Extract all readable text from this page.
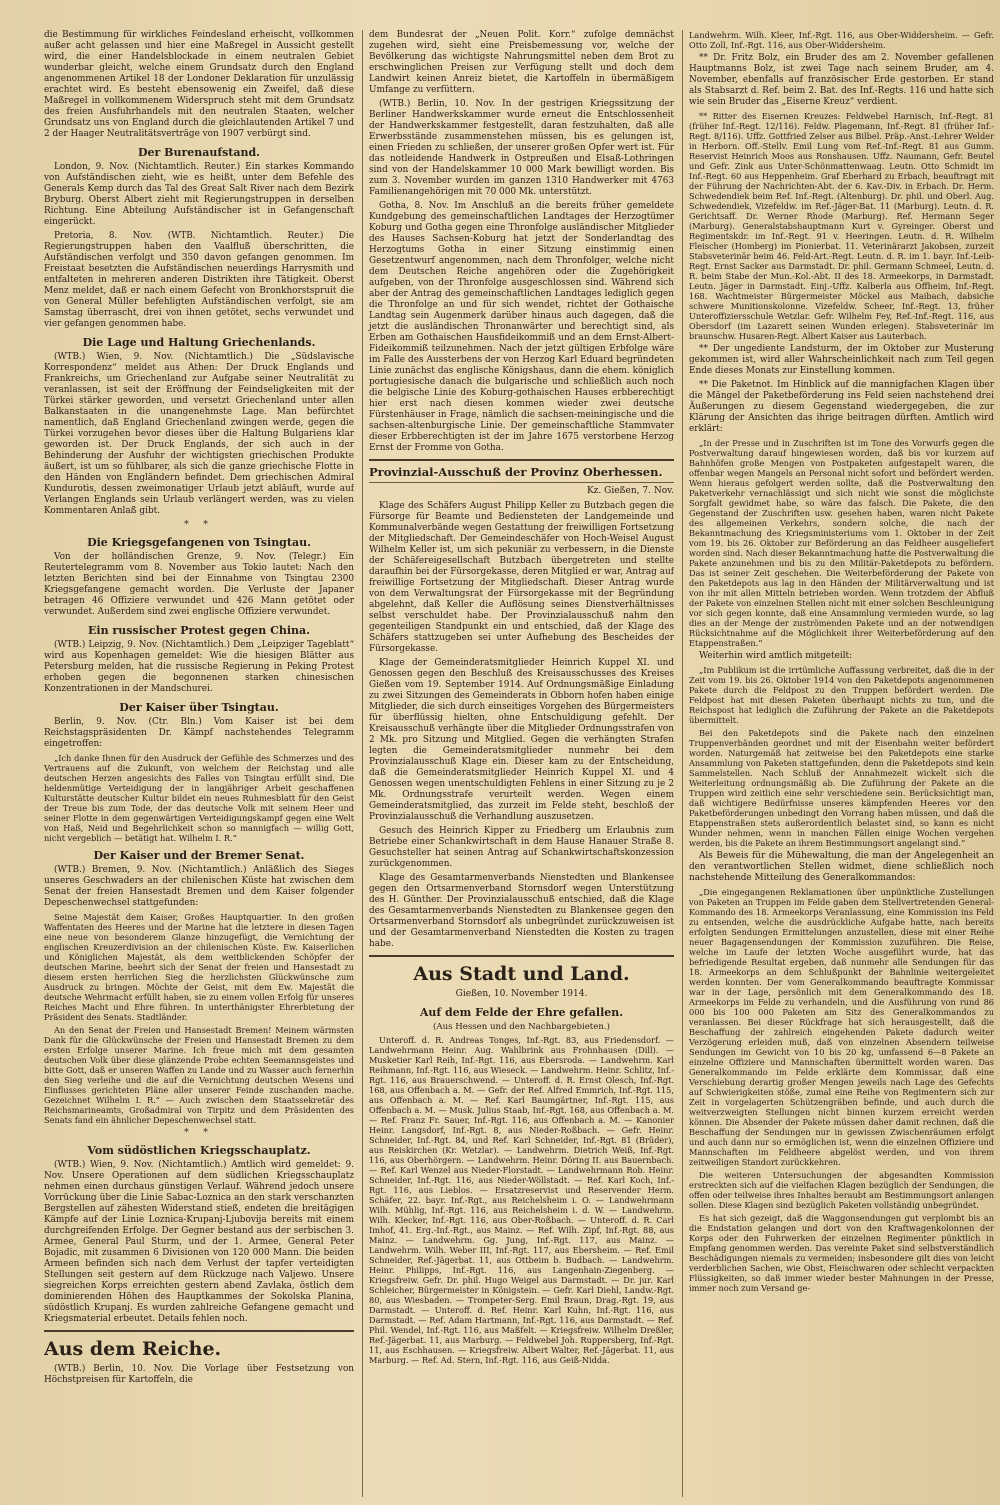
die Bestimmung für wirkliches Feindesland erheischt, vollkommen außer acht gelassen und hier eine Maßregel in Aussicht gestellt wird, die einer Handelsblockade in einem neutralen Gebiet wunderbar gleicht, welche einem Grundsatz durch den England angenommenen Artikel 18 der Londoner Deklaration für unzulässig erachtet wird. Es besteht ebensowenig ein Zweifel, daß diese Maßregel in vollkommenem Widerspruch steht mit dem Grundsatz des freien Ausfuhrhandels mit den neutralen Staaten, welcher Grundsatz uns von England durch die gleichlautenden Artikel 7 und 2 der Haager Neutralitätsverträge von 1907 verbürgt sind.

Der Burenaufstand.

London, 9. Nov. (Nichtamtlich. Reuter.) Ein starkes Kommando von Aufständischen zieht, wie es heißt, unter dem Befehle des Generals Kemp durch das Tal des Great Salt River nach dem Bezirk Bryburg. Oberst Albert zieht mit Regierungstruppen in derselben Richtung. Eine Abteilung Aufständischer ist in Gefangenschaft eingerückt.

Pretoria, 8. Nov. (WTB. Nichtamtlich. Reuter.) Die Regierungstruppen haben den Vaalfluß überschritten, die Aufständischen verfolgt und 350 davon gefangen genommen. Im Freistaat besetzten die Aufständischen neuerdings Harrysmith und entfalteten in mehreren anderen Distrikten ihre Tätigkeit. Oberst Menz meldet, daß er nach einem Gefecht von Bronkhorstspruit die von General Müller befehligten Aufständischen verfolgt, sie am Samstag überrascht, drei von ihnen getötet, sechs verwundet und vier gefangen genommen habe.

Die Lage und Haltung Griechenlands.

(WTB.) Wien, 9. Nov. (Nichtamtlich.) Die „Südslavische Korrespondenz“ meldet aus Athen: Der Druck Englands und Frankreichs, um Griechenland zur Aufgabe seiner Neutralität zu veranlassen, ist seit der Eröffnung der Feindseligkeiten mit der Türkei stärker geworden, und versetzt Griechenland unter allen Balkanstaaten in die unangenehmste Lage. Man befürchtet namentlich, daß England Griechenland zwingen werde, gegen die Türkei vorzugehen bevor dieses über die Haltung Bulgariens klar geworden ist. Der Druck Englands, der sich auch in der Behinderung der Ausfuhr der wichtigsten griechischen Produkte äußert, ist um so fühlbarer, als sich die ganze griechische Flotte in den Händen von Engländern befindet. Dem griechischen Admiral Kundurotis, dessen zweimonatiger Urlaub jetzt abläuft, wurde auf Verlangen Englands sein Urlaub verlängert werden, was zu vielen Kommentaren Anlaß gibt.

* *
Die Kriegsgefangenen von Tsingtau.

Von der holländischen Grenze, 9. Nov. (Telegr.) Ein Reutertelegramm vom 8. November aus Tokio lautet: Nach den letzten Berichten sind bei der Einnahme von Tsingtau 2300 Kriegsgefangene gemacht worden. Die Verluste der Japaner betragen 46 Offiziere verwundet und 426 Mann getötet oder verwundet. Außerdem sind zwei englische Offiziere verwundet.

Ein russischer Protest gegen China.

(WTB.) Leipzig, 9. Nov. (Nichtamtlich.) Dem „Leipziger Tageblatt“ wird aus Kopenhagen gemeldet: Wie die hiesigen Blätter aus Petersburg melden, hat die russische Regierung in Peking Protest erhoben gegen die begonnenen starken chinesischen Konzentrationen in der Mandschurei.

Der Kaiser über Tsingtau.

Berlin, 9. Nov. (Ctr. Bln.) Vom Kaiser ist bei dem Reichstagspräsidenten Dr. Kämpf nachstehendes Telegramm eingetroffen:

„Ich danke Ihnen für den Ausdruck der Gefühle des Schmerzes und des Vertrauens auf die Zukunft, von welchem der Reichstag und alle deutschen Herzen angesichts des Falles von Tsingtau erfüllt sind. Die heldenmütige Verteidigung der in langjähriger Arbeit geschaffenen Kulturstätte deutscher Kultur bildet ein neues Ruhmesblatt für den Geist der Treue bis zum Tode, der das deutsche Volk mit seinem Heer und seiner Flotte in dem gegenwärtigen Verteidigungskampf gegen eine Welt von Haß, Neid und Begehrlichkeit schon so mannigfach — willig Gott, nicht vergeblich — betätigt hat. Wilhelm I. R.“

Der Kaiser und der Bremer Senat.

(WTB.) Bremen, 9. Nov. (Nichtamtlich.) Anläßlich des Sieges unseres Geschwaders an der chilenischen Küste hat zwischen dem Senat der freien Hansestadt Bremen und dem Kaiser folgender Depeschenwechsel stattgefunden:

Seine Majestät dem Kaiser, Großes Hauptquartier. In den großen Waffentaten des Heeres und der Marine hat die letztere in diesen Tagen eine neue von besonderem Glanze hinzugefügt, die Vernichtung der englischen Kreuzerdivision an der chilenischen Küste. Ew. Kaiserlichen und Königlichen Majestät, als dem weitblickenden Schöpfer der deutschen Marine, beehrt sich der Senat der freien und Hansestadt zu diesem ersten herrlichen Sieg die herzlichsten Glückwünsche zum Ausdruck zu bringen. Möchte der Geist, mit dem Ew. Majestät die deutsche Wehrmacht erfüllt haben, sie zu einem vollen Erfolg für unseres Reiches Macht und Ehre führen. In unterthänigster Ehrerbietung der Präsident des Senats. Stadtländer.

An den Senat der Freien und Hansestadt Bremen! Meinem wärmsten Dank für die Glückwünsche der Freien und Hansestadt Bremen zu dem ersten Erfolge unserer Marine. Ich freue mich mit dem gesamten deutschen Volk über diese glänzende Probe echten Seemannsgeistes und bitte Gott, daß er unseren Waffen zu Lande und zu Wasser auch fernerhin den Sieg verleihe und die auf die Vernichtung deutschen Wesens und Einflusses gerichteten Pläne aller unserer Feinde zuschanden mache. Gezeichnet Wilhelm I. R.“ — Auch zwischen dem Staatssekretär des Reichsmarineamts, Großadmiral von Tirpitz und dem Präsidenten des Senats fand ein ähnlicher Depeschenwechsel statt.

* *
Vom südöstlichen Kriegsschauplatz.

(WTB.) Wien, 9. Nov. (Nichtamtlich.) Amtlich wird gemeldet: 9. Nov. Unsere Operationen auf dem südlichen Kriegsschauplatz nehmen einen durchaus günstigen Verlauf. Während jedoch unsere Vorrückung über die Linie Sabac-Loznica an den stark verschanzten Bergstellen auf zähesten Widerstand stieß, endeten die breitägigen Kämpfe auf der Linie Loznica-Krupanj-Ljubovija bereits mit einem durchgreifenden Erfolge. Der Gegner bestand aus der serbischen 3. Armee, General Paul Sturm, und der 1. Armee, General Peter Bojadic, mit zusammen 6 Divisionen von 120 000 Mann. Die beiden Armeen befinden sich nach dem Verlust der tapfer verteidigten Stellungen seit gestern auf dem Rückzuge nach Valjewo. Unsere siegreichen Korps erreichten gestern abend Zavlaka, östlich dem dominierenden Höhen des Hauptkammes der Sokolska Planina, südöstlich Krupanj. Es wurden zahlreiche Gefangene gemacht und Kriegsmaterial erbeutet. Details fehlen noch.

Aus dem Reiche.

(WTB.) Berlin, 10. Nov. Die Vorlage über Festsetzung von Höchstpreisen für Kartoffeln, die

dem Bundesrat der „Neuen Polit. Korr.“ zufolge demnächst zugehen wird, sieht eine Preisbemessung vor, welche der Bevölkerung das wichtigste Nahrungsmittel neben dem Brot zu erschwinglichen Preisen zur Verfügung stellt und doch dem Landwirt keinen Anreiz bietet, die Kartoffeln in übermäßigem Umfange zu verfüttern.

(WTB.) Berlin, 10. Nov. In der gestrigen Kriegssitzung der Berliner Handwerkskammer wurde erneut die Entschlossenheit der Handwerkskammer festgestellt, daran festzuhalten, daß alle Erwerbsstände zusammenstehen müssen, bis es gelungen ist, einen Frieden zu schließen, der unserer großen Opfer wert ist. Für das notleidende Handwerk in Ostpreußen und Elsaß-Lothringen sind von der Handelskammer 10 000 Mark bewilligt worden. Bis zum 3. November wurden im ganzen 1310 Handwerker mit 4763 Familienangehörigen mit 70 000 Mk. unterstützt.

Gotha, 8. Nov. Im Anschluß an die bereits früher gemeldete Kundgebung des gemeinschaftlichen Landtages der Herzogtümer Koburg und Gotha gegen eine Thronfolge ausländischer Mitglieder des Hauses Sachsen-Koburg hat jetzt der Sonderlandtag des Herzogtums Gotha in einer Sitzung einstimmig einen Gesetzentwurf angenommen, nach dem Thronfolger, welche nicht dem Deutschen Reiche angehören oder die Zugehörigkeit aufgeben, von der Thronfolge ausgeschlossen sind. Während sich aber der Antrag des gemeinschaftlichen Landtages lediglich gegen die Thronfolge an und für sich wendet, richtet der Gothaische Landtag sein Augenmerk darüber hinaus auch dagegen, daß die jetzt die ausländischen Thronanwärter und berechtigt sind, als Erben am Gothaischen Hausfideikommiß und an dem Ernst-Albert-Fideikommiß teilzunehmen. Nach der jetzt gültigen Erbfolge wäre im Falle des Aussterbens der von Herzog Karl Eduard begründeten Linie zunächst das englische Königshaus, dann die ehem. königlich portugiesische danach die bulgarische und schließlich auch noch die belgische Linie des Koburg-gothaischen Hauses erbberechtigt hier erst nach diesen kommen wieder zwei deutsche Fürstenhäuser in Frage, nämlich die sachsen-meiningische und die sachsen-altenburgische Linie. Der gemeinschaftliche Stammvater dieser Erbberechtigten ist der im Jahre 1675 verstorbene Herzog Ernst der Fromme von Gotha.

Provinzial-Ausschuß der Provinz Oberhessen.
Kz. Gießen, 7. Nov.

Klage des Schäfers August Philipp Keller zu Butzbach gegen die Fürsorge für Beamte und Bediensteten der Landgemeinde und Kommunalverbände wegen Gestattung der freiwilligen Fortsetzung der Mitgliedschaft. Der Gemeindeschäfer von Hoch-Weisel August Wilhelm Keller ist, um sich pekuniär zu verbessern, in die Dienste der Schäfereigesellschaft Butzbach übergetreten und stellte daraufhin bei der Fürsorgekasse, deren Mitglied er war, Antrag auf freiwillige Fortsetzung der Mitgliedschaft. Dieser Antrag wurde von dem Verwaltungsrat der Fürsorgekasse mit der Begründung abgelehnt, daß Keller die Auflösung seines Dienstverhältnisses selbst verschuldet habe. Der Provinzialausschuß nahm den gegenteiligen Standpunkt ein und entschied, daß der Klage des Schäfers stattzugeben sei unter Aufhebung des Bescheides der Fürsorgekasse.

Klage der Gemeinderatsmitglieder Heinrich Kuppel XI. und Genossen gegen den Beschluß des Kreisausschusses des Kreises Gießen vom 19. September 1914. Auf Ordnungsmäßige Einladung zu zwei Sitzungen des Gemeinderats in Obborn hofen haben einige Mitglieder, die sich durch einseitiges Vorgehen des Bürgermeisters für überflüssig hielten, ohne Entschuldigung gefehlt. Der Kreisausschuß verhängte über die Mitglieder Ordnungsstrafen von 2 Mk. pro Sitzung und Mitglied. Gegen die verhängten Strafen legten die Gemeinderatsmitglieder nunmehr bei dem Provinzialausschuß Klage ein. Dieser kam zu der Entscheidung, daß die Gemeinderatsmitglieder Heinrich Kuppel XI. und 4 Genossen wegen unentschuldigten Fehlens in einer Sitzung zu je 2 Mk. Ordnungsstrafe verurteilt werden. Wegen einem Gemeinderatsmitglied, das zurzeit im Felde steht, beschloß der Provinzialausschuß die Verhandlung auszusetzen.

Gesuch des Heinrich Kipper zu Friedberg um Erlaubnis zum Betriebe einer Schankwirtschaft in dem Hause Hanauer Straße 8. Gesuchsteller hat seinen Antrag auf Schankwirtschaftskonzession zurückgenommen.

Klage des Gesamtarmenverbands Nienstedten und Blankensee gegen den Ortsarmenverband Stornsdorf wegen Unterstützung des H. Günther. Der Provinzialausschuß entschied, daß die Klage des Gesamtarmenverbands Nienstedten zu Blankensee gegen den Ortsarmenverband Stornsdorf als unbegründet zurückzuweisen ist und der Gesamtarmenverband Nienstedten die Kosten zu tragen habe.

Aus Stadt und Land.
Gießen, 10. November 1914.
Auf dem Felde der Ehre gefallen.
(Aus Hessen und den Nachbargebieten.)

Unteroff. d. R. Andreas Tonges, Inf.-Rgt. 83, aus Friedensdorf. — Landwehrmann Heinr. Aug. Wahlbrink aus Frohnhausen (Dill). — Musketier Karl Reih, Inf.-Rgt. 116, aus Ebersroda. — Landwehrm. Karl Reihmann, Inf.-Rgt. 116, aus Wieseck. — Landwehrm. Heinr. Schlitz, Inf.-Rgt. 116, aus Brauerschwend. — Unteroff. d. R. Ernst Olesch, Inf.-Rgt. 168, aus Offenbach a. M. — Gefr. der Ref. Alfred Emmrich, Inf.-Rgt. 115, aus Offenbach a. M. — Ref. Karl Baumgärtner, Inf.-Rgt. 115, aus Offenbach a. M. — Musk. Julius Staab, Inf.-Rgt. 168, aus Offenbach a. M. — Ref. Franz Fr. Sauer, Inf.-Rgt. 116, aus Offenbach a. M. — Kanonier Heinr. Langsdorf, Inf.-Rgt. 8, aus Nieder-Roßbach. — Gefr. Heinr. Schneider, Inf.-Rgt. 84, und Ref. Karl Schneider, Inf.-Rgt. 81 (Brüder), aus Reiskirchen (Kr. Wetzlar). — Landwehrm. Dietrich Weiß, Inf.-Rgt. 116, aus Oberhörgern. — Landwehrm. Heinr. Döring II. aus Bauernbach. — Ref. Karl Wenzel aus Nieder-Florstadt. — Landwehrmann Rob. Heinr. Schneider, Inf.-Rgt. 116, aus Nieder-Wöllstadt. — Ref. Karl Koch, Inf.-Rgt. 116, aus Lieblos. — Ersatzreservist und Reservender Herm. Schäfer, 22. bayr. Inf.-Rgt., aus Reichelsheim i. O. — Landwehrmann Wilh. Mühlig, Inf.-Rgt. 116, aus Reichelsheim i. d. W. — Landwehrm. Wilh. Klecker, Inf.-Rgt. 116, aus Ober-Roßbach. — Unteroff. d. R. Carl Imhof, 41. Erg.-Inf.-Rgt., aus Mainz. — Ref. Wilh. Zipf, Inf.-Rgt. 88, aus Mainz. — Landwehrm. Gg. Jung, Inf.-Rgt. 117, aus Mainz. — Landwehrm. Wilh. Weber III, Inf.-Rgt. 117, aus Ebersheim. — Ref. Emil Schneider, Ref.-Jägerbat. 11, aus Ottbeim b. Budbach. — Landwehrm. Heinr. Philipps, Inf.-Rgt. 116, aus Langenhain-Ziegenberg. — Kriegsfreiw. Gefr. Dr. phil. Hugo Weigel aus Darmstadt. — Dr. jur. Karl Schleicher, Bürgermeister in Königstein. — Gefr. Karl Diehl, Landw.-Rgt. 80, aus Wiesbaden. — Trompeter-Serg. Emil Braun, Drag.-Rgt. 19, aus Darmstadt. — Unteroff. d. Ref. Heinr. Karl Kuhn, Inf.-Rgt. 116, aus Darmstadt. — Ref. Adam Hartmann, Inf.-Rgt. 116, aus Darmstadt. — Ref. Phil. Wendel, Inf.-Rgt. 116, aus Maßfelt. — Kriegsfreiw. Wilhelm Dreßler, Ref.-Jägerbat. 11, aus Marburg. — Feldwebel Joh. Ruppersberg, Inf.-Rgt. 11, aus Eschhausen. — Kriegsfreiw. Albert Walter, Ref.-Jägerbat. 11, aus Marburg. — Ref. Ad. Stern, Inf.-Rgt. 116, aus Geiß-Nidda.

Landwehrm. Wilh. Kleer, Inf.-Rgt. 116, aus Ober-Widdersheim. — Gefr. Otto Zoll, Inf.-Rgt. 116, aus Ober-Widdersheim.

** Dr. Fritz Bolz, ein Bruder des am 2. November gefallenen Hauptmanns Bolz, ist zwei Tage nach seinem Bruder, am 4. November, ebenfalls auf französischer Erde gestorben. Er stand als Stabsarzt d. Ref. beim 2. Bat. des Inf.-Regts. 116 und hatte sich wie sein Bruder das „Eiserne Kreuz“ verdient.

** Ritter des Eisernen Kreuzes: Feldwebel Harnisch, Inf.-Regt. 81 (früher Inf.-Regt. 12/116). Feldw. Plagemann, Inf.-Regt. 81 (früher Inf.-Regt. 8/116). Uffz. Gottfried Zelser aus Bilbel. Präp.-Anst.-Lehrer Welder in Herborn. Off.-Stellv. Emil Lung vom Ref.-Inf.-Regt. 81 aus Gumm. Reservist Heinrich Moos aus Ronshausen. Uffz. Naumann, Gefr. Beutel und Gefr. Zink aus Unter-Schönmattenwaag. Leutn. Otto Schmidt im Inf.-Regt. 60 aus Heppenheim. Graf Eberhard zu Erbach, beauftragt mit der Führung der Nachrichten-Abt. der 6. Kav.-Div. in Erbach. Dr. Herm. Schwedendiek beim Ref. Inf.-Regt. (Altenburg). Dr. phil. und Oberl. Aug. Schwedendiek, Vizefeldw. im Ref.-Jäger-Bat. 11 (Marburg). Leutn. d. R. Gerichtsaff. Dr. Werner Rhode (Marburg). Ref. Hermann Seger (Marburg). Generalstabshauptmann Kurt v. Gyreinger. Oberst und Regimentskdr. im Inf.-Regt. 91 v. Heeringen. Leutn. d. R. Wilhelm Fleischer (Homberg) im Pionierbat. 11. Veterinärarzt Jakobsen, zurzeit Stabsveterinär beim 46. Feld-Art.-Regt. Leutn. d. R. im 1. bayr. Inf.-Leib-Regt. Ernst Sacker aus Darmstadt. Dr. phil. Germann Schmeel, Leutn. d. R. beim Stabe der Mun.-Kol.-Abt. II des 18. Armeekorps, in Darmstadt. Leutn. Jäger in Darmstadt. Einj.-Uffz. Kalberla aus Offheim, Inf.-Regt. 168. Wachtmeister Bürgermeister Möckel aus Maibach, dabsiche schwere Munitionskolonne. Vizefeldw. Scheer, Inf.-Regt. 13, früher Unteroffiziersschule Wetzlar. Gefr. Wilhelm Fey, Ref.-Inf.-Regt. 116, aus Obersdorf (im Lazarett seinen Wunden erlegen). Stabsveterinär im braunschw. Husaren-Regt. Albert Kaiser aus Lauterbach.

** Der ungediente Landsturm, der im Oktober zur Musterung gekommen ist, wird aller Wahrscheinlichkeit nach zum Teil gegen Ende dieses Monats zur Einstellung kommen.

** Die Paketnot. Im Hinblick auf die mannigfachen Klagen über die Mängel der Paketbeförderung ins Feld seien nachstehend drei Äußerungen zu diesem Gegenstand wiedergegeben, die zur Klärung der Ansichten das ihrige beitragen dürften. Amtlich wird erklärt:

„In der Presse und in Zuschriften ist im Tone des Vorwurfs gegen die Postverwaltung darauf hingewiesen worden, daß bis vor kurzem auf Bahnhöfen große Mengen von Postpaketen aufgestapelt waren, die offenbar wegen Mangels an Personal nicht sofort und befördert werden. Wenn hieraus gefolgert werden sollte, daß die Postverwaltung den Paketverkehr vernachlässigt und sich nicht wie sonst die möglichste Sorgfalt gewidmet habe, so wäre das falsch. Die Pakete, die den Gegenstand der Zuschriften usw. gesehen haben, waren nicht Pakete des allgemeinen Verkehrs, sondern solche, die nach der Bekanntmachung des Kriegsministeriums vom 1. Oktober in der Zeit vom 19. bis 26. Oktober zur Beförderung an das Feldheer ausgeliefert worden sind. Nach dieser Bekanntmachung hatte die Postverwaltung die Pakete anzunehmen und bis zu den Militär-Paketdepots zu befördern. Das ist seiner Zeit geschehen. Die Weiterbeförderung der Pakete von den Paketdepots aus lag in den Händen der Militärverwaltung und ist von ihr mit allen Mitteln betrieben worden. Wenn trotzdem der Abfluß der Pakete von einzelnen Stellen nicht mit einer solchen Beschleunigung vor sich gegen konnte, daß eine Ansammlung vermieden wurde, so lag dies an der Menge der zuströmenden Pakete und an der notwendigen Rücksichtnahme auf die Möglichkeit ihrer Weiterbeförderung auf den Etappenstraßen.“

Weiterhin wird amtlich mitgeteilt:

„Im Publikum ist die irrtümliche Auffassung verbreitet, daß die in der Zeit vom 19. bis 26. Oktober 1914 von den Paketdepots angenommenen Pakete durch die Feldpost zu den Truppen befördert werden. Die Feldpost hat mit diesen Paketen überhaupt nichts zu tun, und die Reichspost hat lediglich die Zuführung der Pakete an die Paketdepots übermittelt.

Bei den Paketdepots sind die Pakete nach den einzelnen Truppenverbänden geordnet und mit der Eisenbahn weiter befördert worden. Naturgemäß hat zeitweise bei den Paketdepots eine starke Ansammlung von Paketen stattgefunden, denn die Paketdepots sind kein Sammelstellen. Nach Schluß der Annahmezeit wickelt sich die Weiterleitung ordnungsmäßig ab. Die Zuführung der Pakete an die Truppen wird zeitlich eine sehr verschiedene sein. Berücksichtigt man, daß wichtigere Bedürfnisse unseres kämpfenden Heeres vor den Paketbeförderungen unbedingt den Vorrang haben müssen, und daß die Etappenstraßen stets außerordentlich belastet sind, so kann es nicht Wunder nehmen, wenn in manchen Fällen einige Wochen vergehen werden, bis die Pakete an ihrem Bestimmungsort angelangt sind.“

Als Beweis für die Mühewaltung, die man der Angelegenheit an den verantwortlichen Stellen widmet, diene schließlich noch nachstehende Mitteilung des Generalkommandos:

„Die eingegangenen Reklamationen über unpünktliche Zustellungen von Paketen an Truppen im Felde gaben dem Stellvertretenden General-Kommando des 18. Armeekorps Veranlassung, eine Kommission ins Feld zu entsenden, welche die ausdrückliche Aufgabe hatte, nach bereits erfolgten Sendungen Ermittelungen anzustellen, diese mit einer Reihe neuer Bagagensendungen der Kommission zuzuführen. Die Reise, welche im Laufe der letzten Woche ausgeführt wurde, hat das befriedigende Resultat ergeben, daß nunmehr alle Sendungen für das 18. Armeekorps an dem Schlußpunkt der Bahnlinie weitergeleitet werden konnten. Der vom Generalkommando beauftragte Kommissar war in der Lage, persönlich mit dem Generalkommando des 18. Armeekorps im Felde zu verhandeln, und die Ausführung von rund 86 000 bis 100 000 Paketen am Sitz des Generalkommandos zu veranlassen. Bei dieser Rückfrage hat sich herausgestellt, daß die Beschaffung der zahlreich eingehenden Pakete dadurch weiter Verzögerung erleiden muß, daß von einzelnen Absendern teilweise Sendungen im Gewicht von 10 bis 20 kg, umfassend 6—8 Pakete an einzelne Offiziere und Mannschaften übermittelt worden waren. Das Generalkommando im Felde erklärte dem Kommissar, daß eine Verschiebung derartig großer Mengen jeweils nach Lage des Gefechts auf Schwierigkeiten stöße, zumal eine Reihe von Regimentern sich zur Zeit in vorgelagerten Schützengräben befinde, und auch durch die weitverzweigten Stellungen nicht binnen kurzem erreicht werden können. Die Absender der Pakete müssen daher damit rechnen, daß die Beschaffung der Sendungen nur in gewissen Zwischenräumen erfolgt und auch dann nur so ermöglichen ist, wenn die einzelnen Offiziere und Mannschaften im Feldheere abgelöst werden, und von ihrem zeitweiligen Standort zurückkehren.

Die weiteren Untersuchungen der abgesandten Kommission erstreckten sich auf die vielfachen Klagen bezüglich der Sendungen, die offen oder teilweise ihres Inhaltes beraubt am Bestimmungsort anlangen sollen. Diese Klagen sind bezüglich Paketen vollständig unbegründet.

Es hat sich gezeigt, daß die Waggonsendungen gut verplombt bis an die Endstation gelangen und dort von den Kraftwagenkolonnen der Korps oder den Fuhrwerken der einzelnen Regimenter pünktlich in Empfang genommen werden. Das vereinte Paket sind selbstverständlich Beschädigungen niemals zu vermeiden; insbesondere gilt dies von leicht verderblichen Sachen, wie Obst, Fleischwaren oder schlecht verpackten Flüssigkeiten, so daß immer wieder bester Mahnungen in der Presse, immer noch zum Versand ge-
